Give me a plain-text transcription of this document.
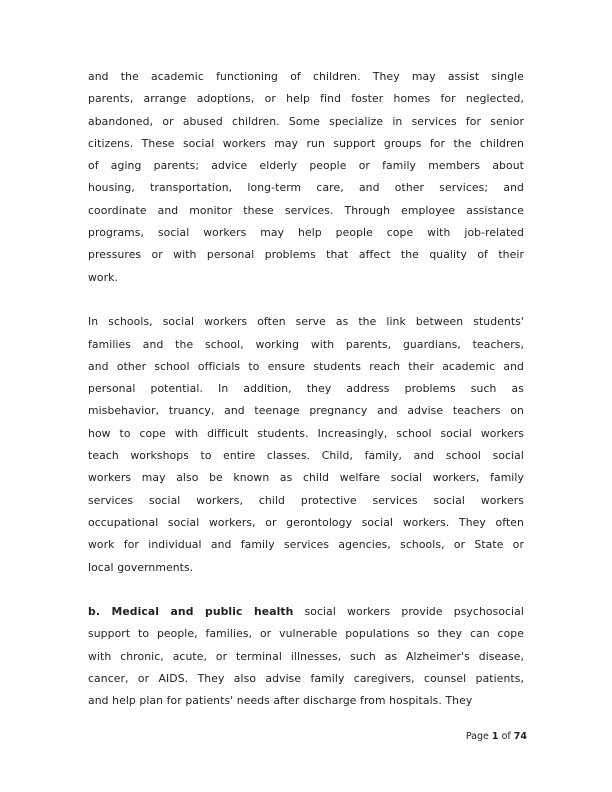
and the academic functioning of children. They may assist single
parents, arrange adoptions, or help find foster homes for neglected,
abandoned, or abused children. Some specialize in services for senior
citizens. These social workers may run support groups for the children
of aging parents; advice elderly people or family members about
housing, transportation, long-term care, and other services; and
coordinate and monitor these services. Through employee assistance
programs, social workers may help people cope with job-related
pressures or with personal problems that affect the quality of their
work.
In schools, social workers often serve as the link between students'
families and the school, working with parents, guardians, teachers,
and other school officials to ensure students reach their academic and
personal potential. In addition, they address problems such as
misbehavior, truancy, and teenage pregnancy and advise teachers on
how to cope with difficult students. Increasingly, school social workers
teach workshops to entire classes. Child, family, and school social
workers may also be known as child welfare social workers, family
services social workers, child protective services social workers
occupational social workers, or gerontology social workers. They often
work for individual and family services agencies, schools, or State or
local governments.
b. Medical and public health social workers provide psychosocial
support to people, families, or vulnerable populations so they can cope
with chronic, acute, or terminal illnesses, such as Alzheimer's disease,
cancer, or AIDS. They also advise family caregivers, counsel patients,
and help plan for patients' needs after discharge from hospitals. They
Page 1 of 74
